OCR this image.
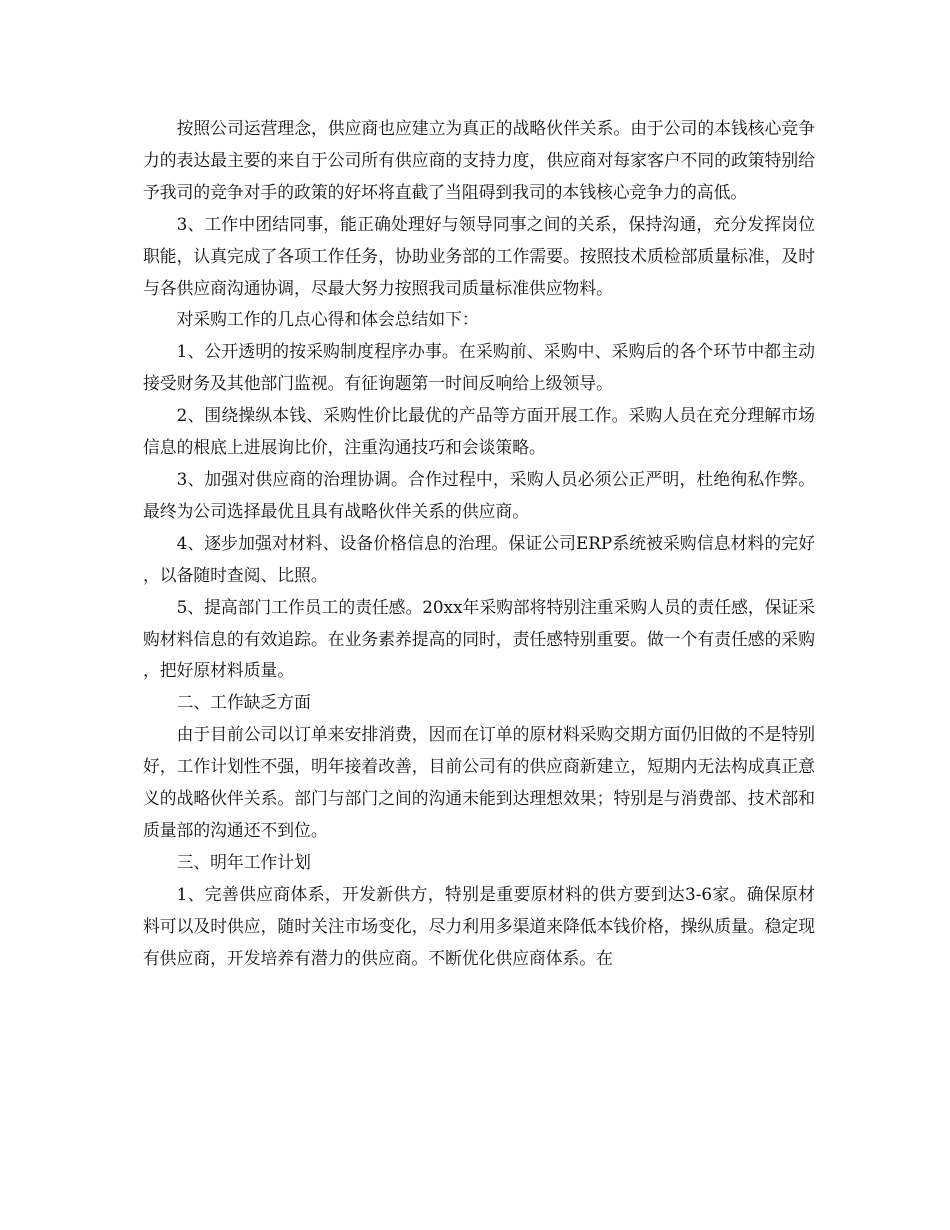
按照公司运营理念，供应商也应建立为真正的战略伙伴关系。由于公司的本钱核心竞争力的表达最主要的来自于公司所有供应商的支持力度，供应商对每家客户不同的政策特别给予我司的竞争对手的政策的好坏将直截了当阻碍到我司的本钱核心竞争力的高低。

3、工作中团结同事，能正确处理好与领导同事之间的关系，保持沟通，充分发挥岗位职能，认真完成了各项工作任务，协助业务部的工作需要。按照技术质检部质量标准，及时与各供应商沟通协调，尽最大努力按照我司质量标准供应物料。

对采购工作的几点心得和体会总结如下：

1、公开透明的按采购制度程序办事。在采购前、采购中、采购后的各个环节中都主动接受财务及其他部门监视。有征询题第一时间反响给上级领导。

2、围绕操纵本钱、采购性价比最优的产品等方面开展工作。采购人员在充分理解市场信息的根底上进展询比价，注重沟通技巧和会谈策略。

3、加强对供应商的治理协调。合作过程中，采购人员必须公正严明，杜绝徇私作弊。最终为公司选择最优且具有战略伙伴关系的供应商。

4、逐步加强对材料、设备价格信息的治理。保证公司ERP系统被采购信息材料的完好，以备随时查阅、比照。

5、提高部门工作员工的责任感。20xx年采购部将特别注重采购人员的责任感，保证采购材料信息的有效追踪。在业务素养提高的同时，责任感特别重要。做一个有责任感的采购，把好原材料质量。

二、工作缺乏方面

由于目前公司以订单来安排消费，因而在订单的原材料采购交期方面仍旧做的不是特别好，工作计划性不强，明年接着改善，目前公司有的供应商新建立，短期内无法构成真正意义的战略伙伴关系。部门与部门之间的沟通未能到达理想效果；特别是与消费部、技术部和质量部的沟通还不到位。

三、明年工作计划

1、完善供应商体系，开发新供方，特别是重要原材料的供方要到达3-6家。确保原材料可以及时供应，随时关注市场变化，尽力利用多渠道来降低本钱价格，操纵质量。稳定现有供应商，开发培养有潜力的供应商。不断优化供应商体系。在
